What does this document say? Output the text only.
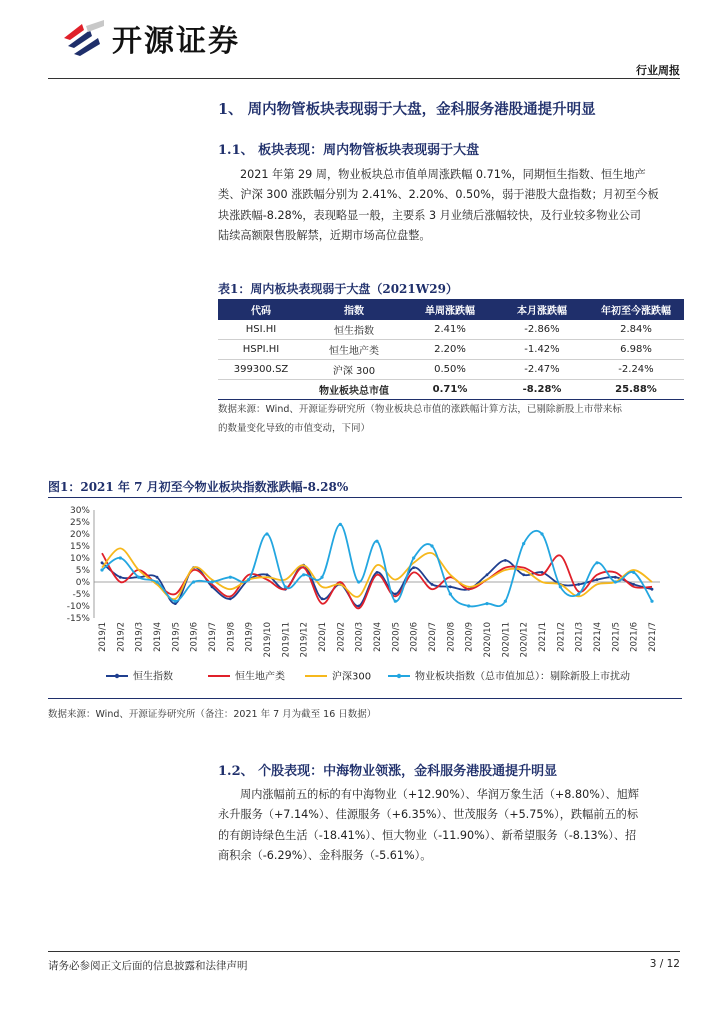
开源证券
行业周报
1、 周内物管板块表现弱于大盘，金科服务港股通提升明显
1.1、 板块表现：周内物管板块表现弱于大盘
2021 年第 29 周，物业板块总市值单周涨跌幅 0.71%，同期恒生指数、恒生地产
类、沪深 300 涨跌幅分别为 2.41%、2.20%、0.50%，弱于港股大盘指数；月初至今板
块涨跌幅-8.28%，表现略显一般，主要系 3 月业绩后涨幅较快，及行业较多物业公司
陆续高额限售股解禁，近期市场高位盘整。
表1：周内板块表现弱于大盘（2021W29）
代码	指数	单周涨跌幅	本月涨跌幅	年初至今涨跌幅
HSI.HI	恒生指数	2.41%	-2.86%	2.84%
HSPI.HI	恒生地产类	2.20%	-1.42%	6.98%
399300.SZ	沪深 300	0.50%	-2.47%	-2.24%
	物业板块总市值	0.71%	-8.28%	25.88%
数据来源：Wind、开源证券研究所（物业板块总市值的涨跌幅计算方法，已剔除新股上市带来标
的数量变化导致的市值变动，下同）
图1：2021 年 7 月初至今物业板块指数涨跌幅-8.28%
30%
25%
20%
15%
10%
5%
0%
-5%
-10%
-15%
2019/1 2019/2 2019/3 2019/4 2019/5 2019/6 2019/7 2019/8 2019/9 2019/10 2019/11 2019/12 2020/1 2020/2 2020/3 2020/4 2020/5 2020/6 2020/7 2020/8 2020/9 2020/10 2020/11 2020/12 2021/1 2021/2 2021/3 2021/4 2021/5 2021/6 2021/7
恒生指数	恒生地产类	沪深300	物业板块指数（总市值加总）：剔除新股上市扰动
数据来源：Wind、开源证券研究所（备注：2021 年 7 月为截至 16 日数据）
1.2、 个股表现：中海物业领涨，金科服务港股通提升明显
周内涨幅前五的标的有中海物业（+12.90%）、华润万象生活（+8.80%）、旭辉
永升服务（+7.14%）、佳源服务（+6.35%）、世茂服务（+5.75%），跌幅前五的标
的有朗诗绿色生活（-18.41%）、恒大物业（-11.90%）、新希望服务（-8.13%）、招
商积余（-6.29%）、金科服务（-5.61%）。
请务必参阅正文后面的信息披露和法律声明	3 / 12
